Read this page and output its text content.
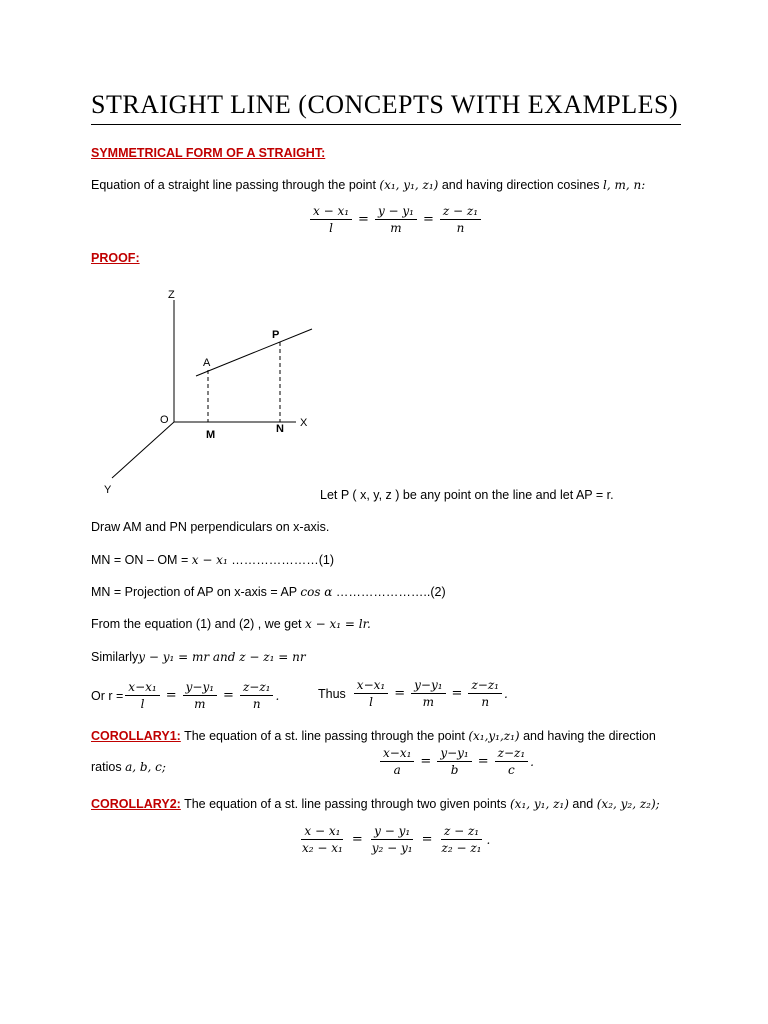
STRAIGHT LINE (CONCEPTS WITH EXAMPLES)
SYMMETRICAL FORM OF A STRAIGHT:
Equation of a straight line passing through the point (x₁, y₁, z₁) and having direction cosines l, m, n:
$\frac{\text{x − x₁}}{l} = \frac{\text{y − y₁}}{m} = \frac{\text{z − z₁}}{n}$
PROOF:
Z
O
Y
X
A
P
M	N
Let P ( x, y, z ) be any point on the line and let AP = r.
Draw AM and PN perpendiculars on x-axis.
MN = ON – OM = x − x₁ …………………(1)
MN = Projection of AP on x-axis = AP cos α …………………..(2)
From the equation (1) and (2) , we get x − x₁ = lr.
Similarlyy − y₁ = mr and z − z₁ = nr
Or $r = \frac{\text{x−x₁}}{l} = \frac{\text{y−y₁}}{m} = \frac{\text{z−z₁}}{n}$ .	Thus $\frac{\text{x−x₁}}{l} = \frac{\text{y−y₁}}{m} = \frac{\text{z−z₁}}{n}$ .
COROLLARY1: The equation of a st. line passing through the point (x₁,y₁,z₁) and having the direction
ratios a, b, c;	$\frac{\text{x−x₁}}{a} = \frac{\text{y−y₁}}{b} = \frac{\text{z−z₁}}{c}$ .
COROLLARY2: The equation of a st. line passing through two given points (x₁, y₁, z₁) and (x₂, y₂, z₂);
$\frac{\text{x − x₁}}{\text{x₂ − x₁}} = \frac{\text{y − y₁}}{\text{y₂ − y₁}} = \frac{\text{z − z₁}}{\text{z₂ − z₁}}$ .
